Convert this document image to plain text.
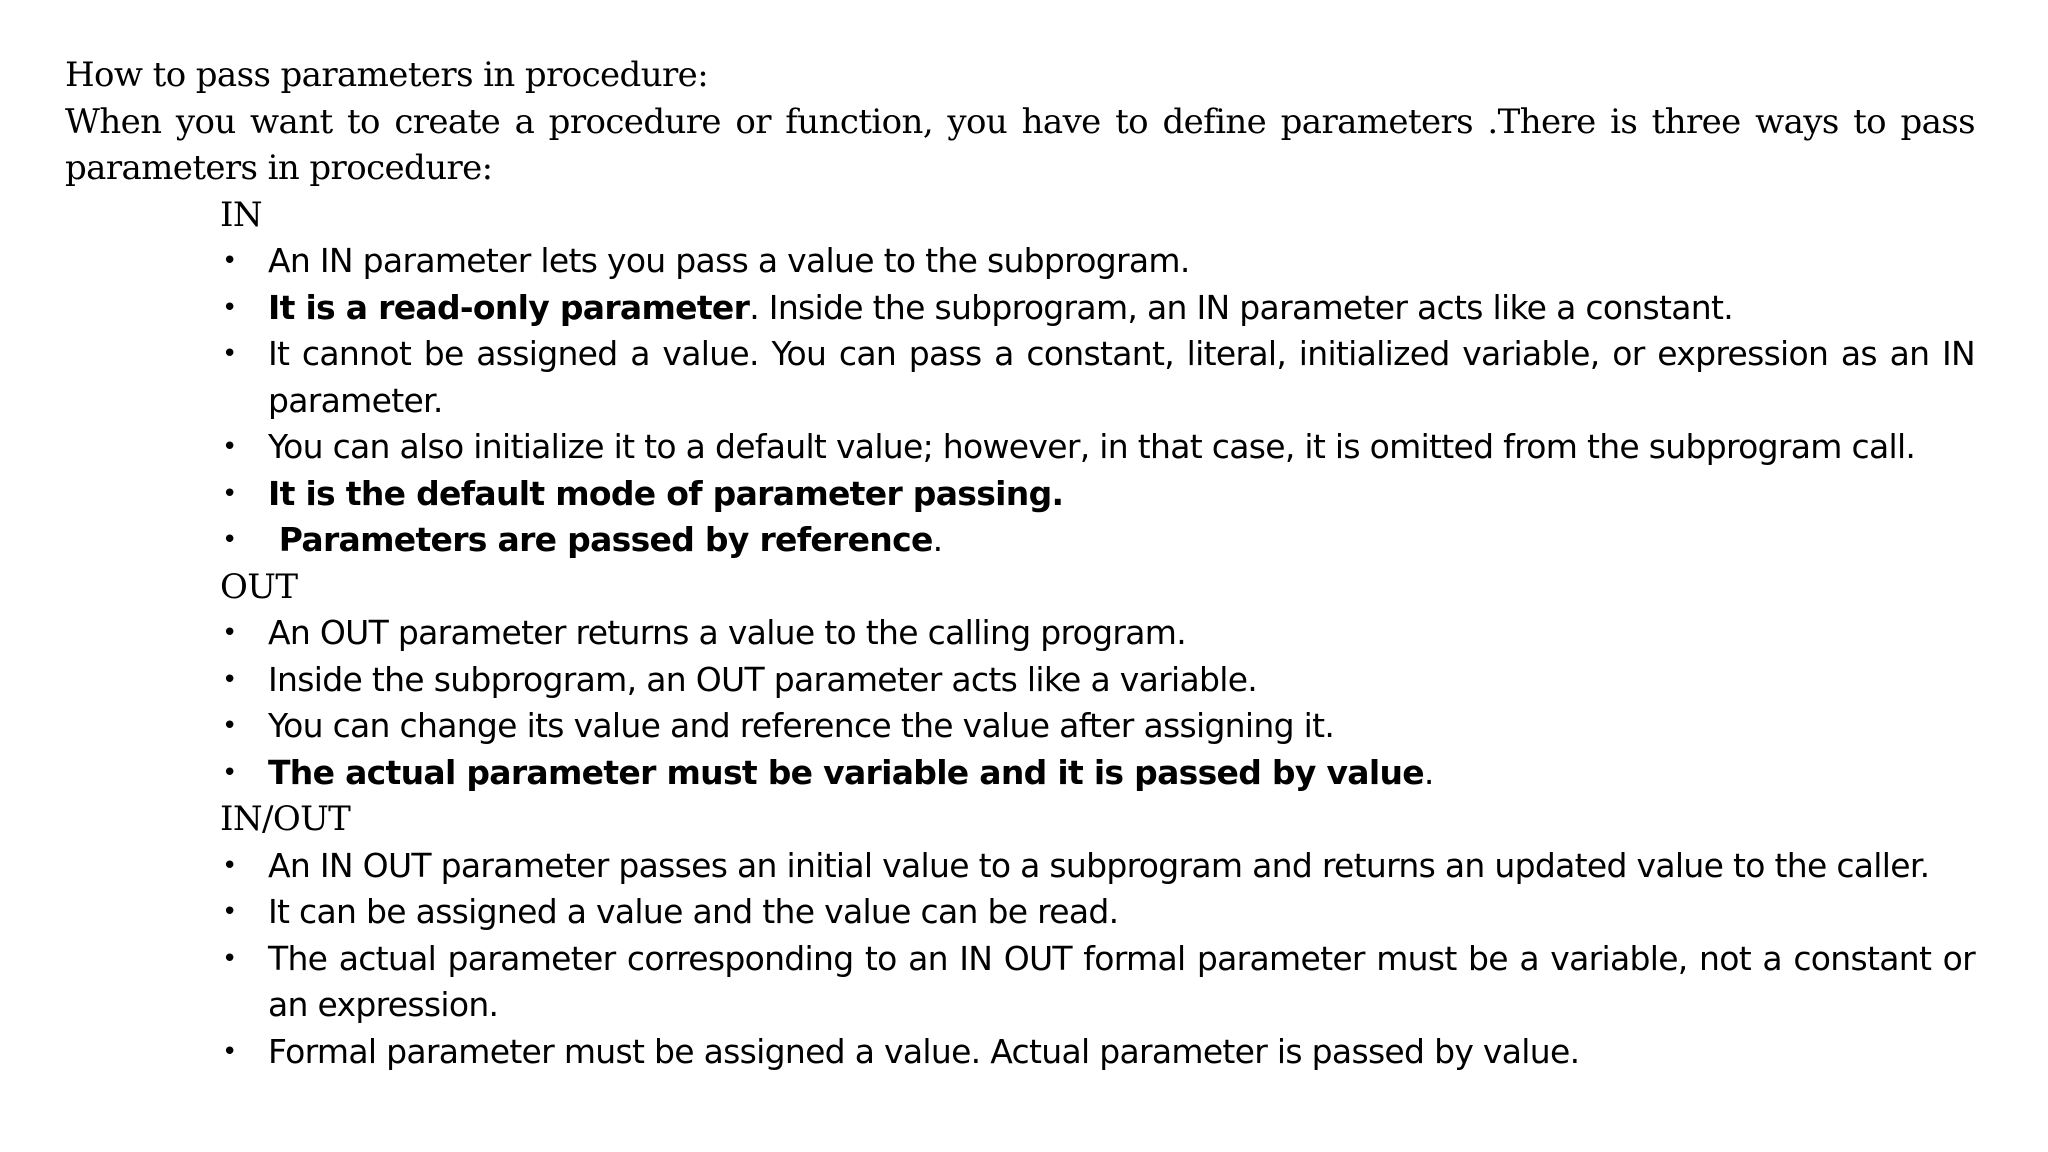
How to pass parameters in procedure:

When you want to create a procedure or function, you have to define parameters .There is three ways to pass parameters in procedure:

IN

• An IN parameter lets you pass a value to the subprogram.
• It is a read-only parameter. Inside the subprogram, an IN parameter acts like a constant.
• It cannot be assigned a value. You can pass a constant, literal, initialized variable, or expression as an IN parameter.
• You can also initialize it to a default value; however, in that case, it is omitted from the subprogram call.
• It is the default mode of parameter passing.
• Parameters are passed by reference.

OUT

• An OUT parameter returns a value to the calling program.
• Inside the subprogram, an OUT parameter acts like a variable.
• You can change its value and reference the value after assigning it.
• The actual parameter must be variable and it is passed by value.

IN/OUT

• An IN OUT parameter passes an initial value to a subprogram and returns an updated value to the caller.
• It can be assigned a value and the value can be read.
• The actual parameter corresponding to an IN OUT formal parameter must be a variable, not a constant or an expression.
• Formal parameter must be assigned a value. Actual parameter is passed by value.
